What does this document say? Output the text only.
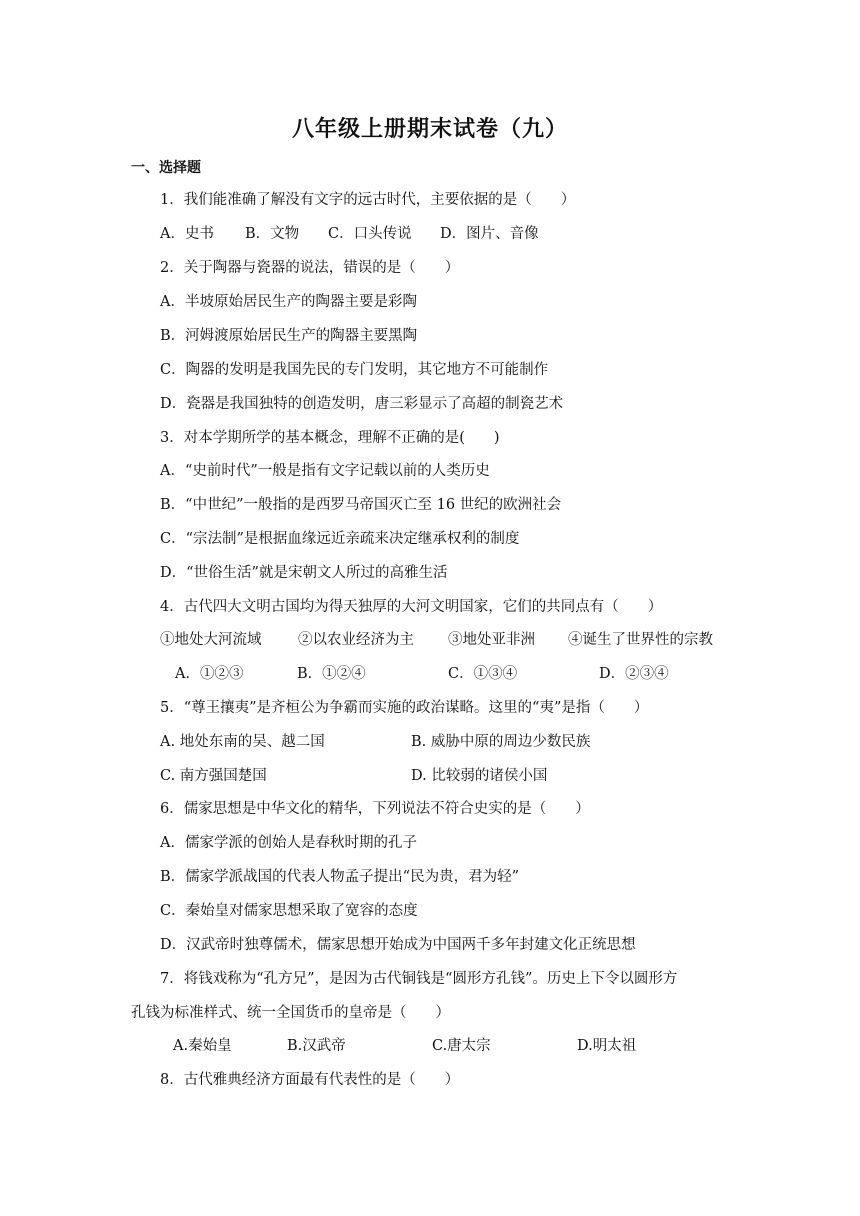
八年级上册期末试卷（九）
一、选择题
1．我们能准确了解没有文字的远古时代，主要依据的是（　　）
A．史书 B．文物 C．口头传说 D．图片、音像
2．关于陶器与瓷器的说法，错误的是（　　）
A．半坡原始居民生产的陶器主要是彩陶
B．河姆渡原始居民生产的陶器主要黑陶
C．陶器的发明是我国先民的专门发明，其它地方不可能制作
D．瓷器是我国独特的创造发明，唐三彩显示了高超的制瓷艺术
3．对本学期所学的基本概念，理解不正确的是(　　)
A．“史前时代”一般是指有文字记载以前的人类历史
B．“中世纪”一般指的是西罗马帝国灭亡至 16 世纪的欧洲社会
C．“宗法制”是根据血缘远近亲疏来决定继承权利的制度
D．“世俗生活”就是宋朝文人所过的高雅生活
4．古代四大文明古国均为得天独厚的大河文明国家，它们的共同点有（　　）
①地处大河流域	②以农业经济为主 ③地处亚非洲 ④诞生了世界性的宗教
A．①②③	B．①②④	C．①③④	D．②③④
5．“尊王攘夷”是齐桓公为争霸而实施的政治谋略。这里的“夷”是指（　　）
A. 地处东南的吴、越二国	B. 威胁中原的周边少数民族
C. 南方强国楚国	D. 比较弱的诸侯小国
6．儒家思想是中华文化的精华，下列说法不符合史实的是（　　）
A．儒家学派的创始人是春秋时期的孔子
B．儒家学派战国的代表人物孟子提出“民为贵，君为轻”
C．秦始皇对儒家思想采取了宽容的态度
D．汉武帝时独尊儒术，儒家思想开始成为中国两千多年封建文化正统思想
7．将钱戏称为“孔方兄”，是因为古代铜钱是“圆形方孔钱”。历史上下令以圆形方
孔钱为标准样式、统一全国货币的皇帝是（　　）
A.秦始皇	B.汉武帝	C.唐太宗	D.明太祖
8．古代雅典经济方面最有代表性的是（　　）
